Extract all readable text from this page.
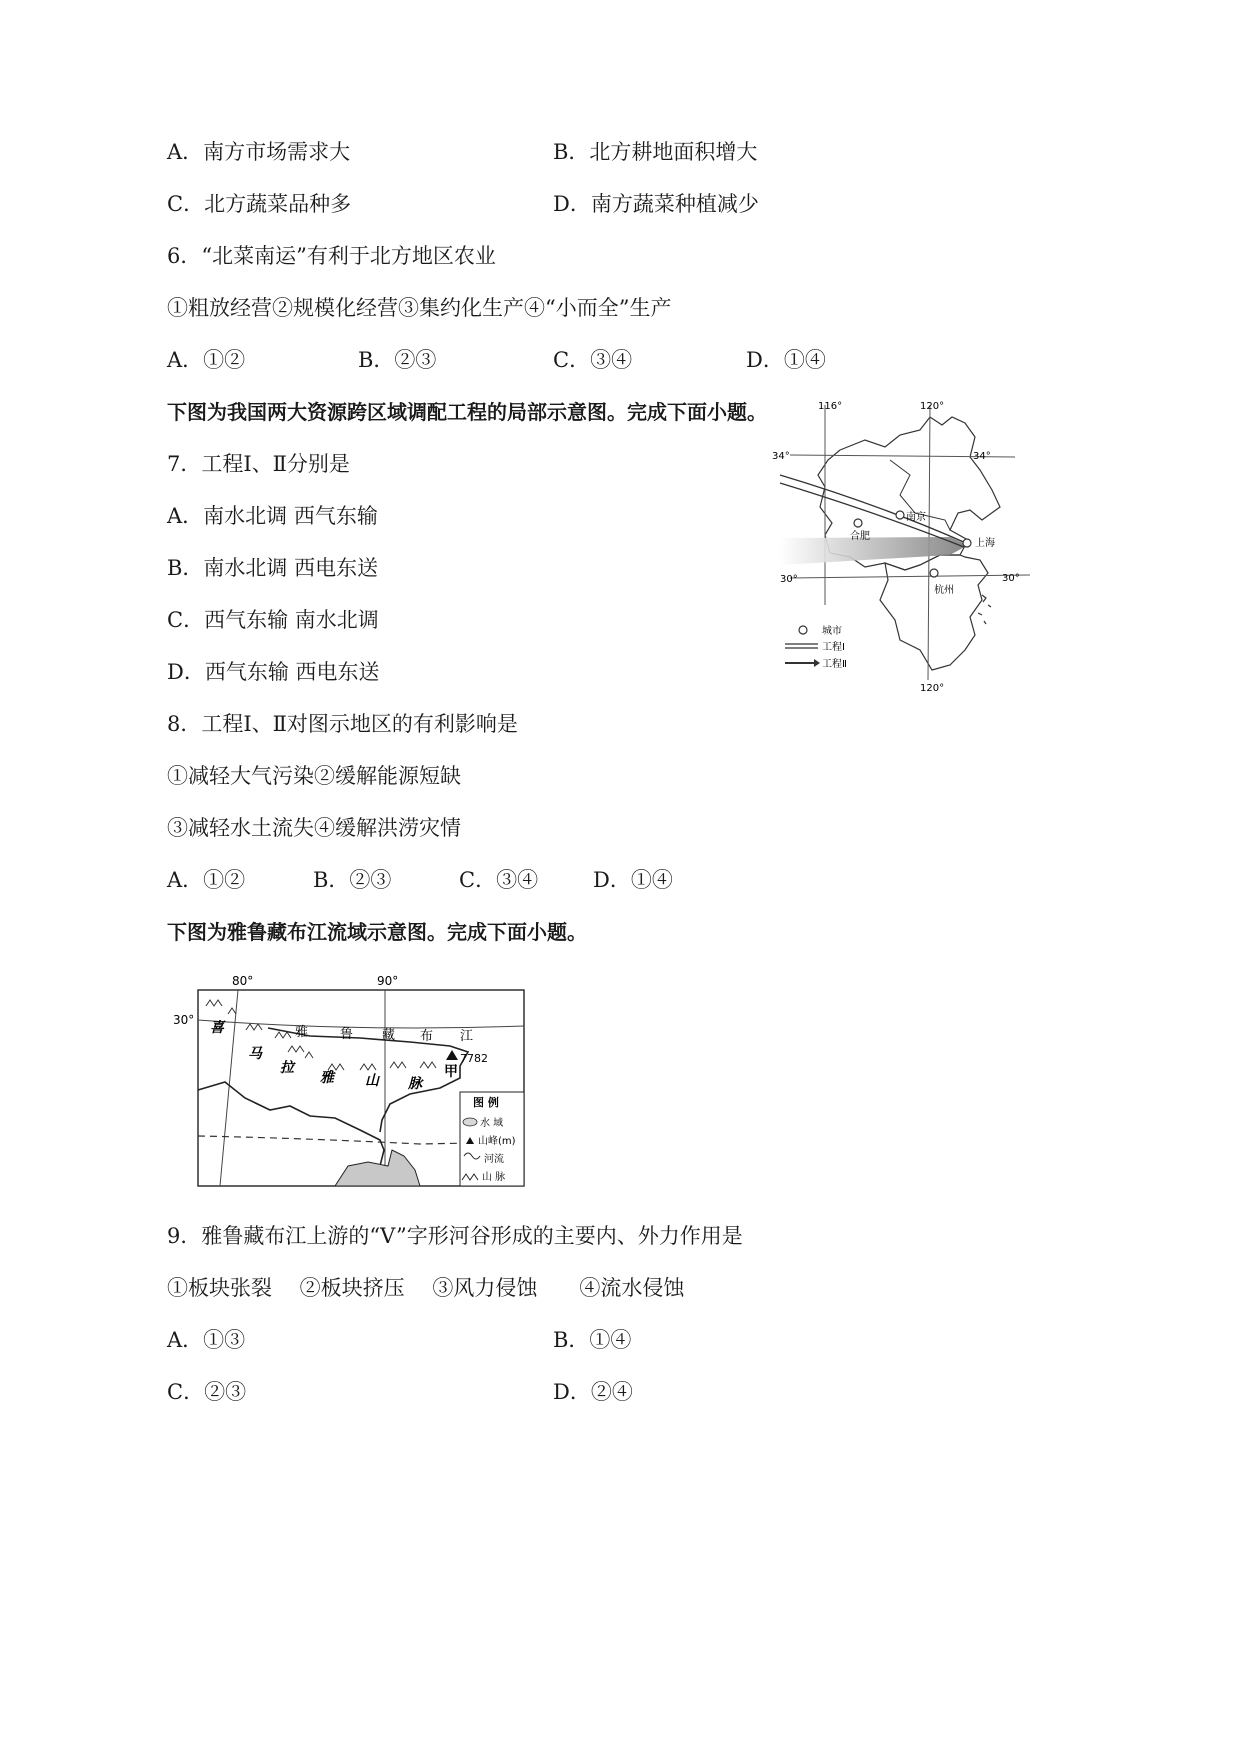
A．南方市场需求大	B．北方耕地面积增大
C．北方蔬菜品种多	D．南方蔬菜种植减少
6．“北菜南运”有利于北方地区农业
①粗放经营②规模化经营③集约化生产④“小而全”生产
A．①②	B．②③	C．③④	D．①④
下图为我国两大资源跨区域调配工程的局部示意图。完成下面小题。
7．工程Ⅰ、Ⅱ分别是
A．南水北调 西气东输
B．南水北调 西电东送
C．西气东输 南水北调
D．西气东输 西电东送
8．工程Ⅰ、Ⅱ对图示地区的有利影响是
①减轻大气污染②缓解能源短缺
③减轻水土流失④缓解洪涝灾情
A．①②	B．②③	C．③④	D．①④
下图为雅鲁藏布江流域示意图。完成下面小题。
9．雅鲁藏布江上游的“V”字形河谷形成的主要内、外力作用是
①板块张裂　 ②板块挤压　 ③风力侵蚀　　④流水侵蚀
A．①③	B．①④
C．②③	D．②④
116°	120°
120°
34°	34°
30°	30°
南京
合肥
上海
杭州
城市
工程Ⅰ
工程Ⅱ
80°	90°
30°
雅 鲁 藏 布 江
喜
马
拉
雅 山 脉
7782
甲
图 例
水 域
山峰(m)
河流
山 脉
